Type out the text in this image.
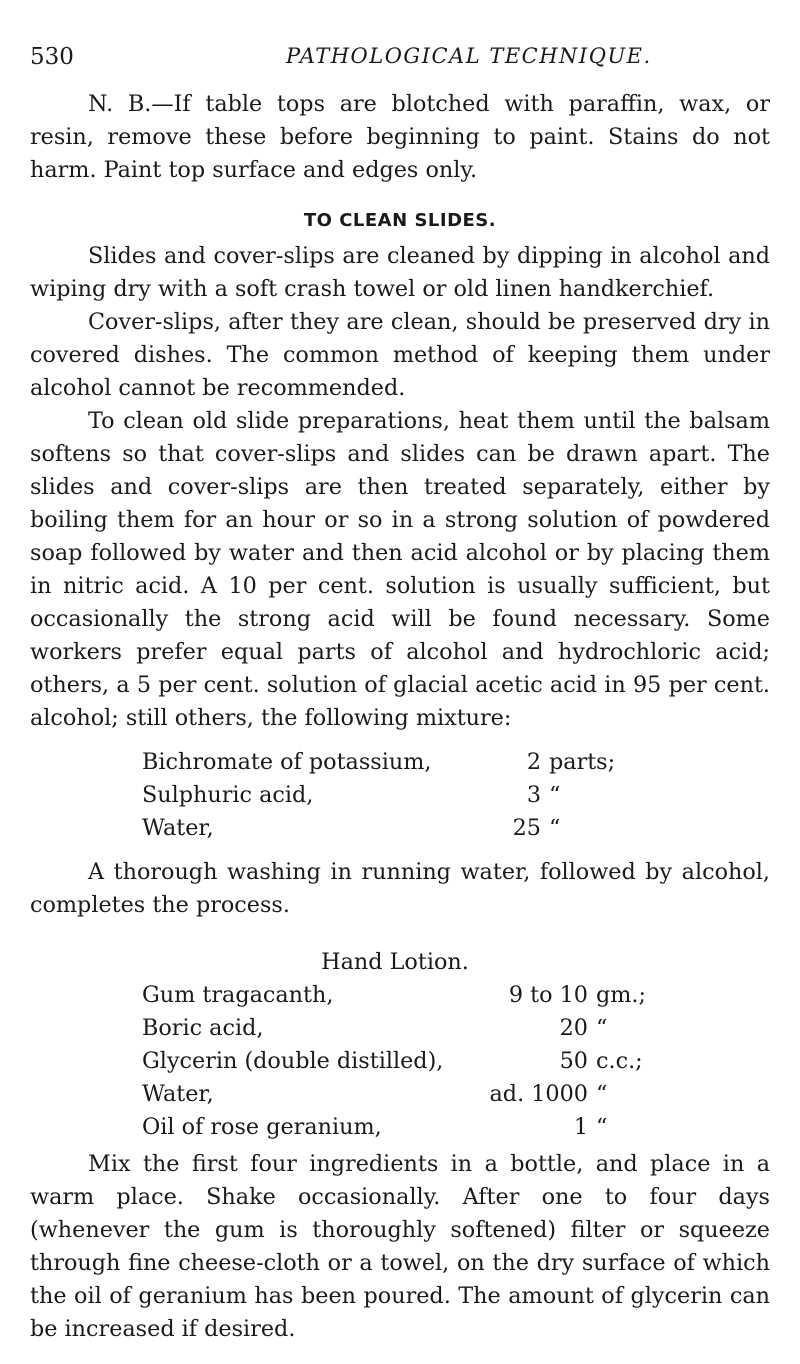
530	PATHOLOGICAL TECHNIQUE.

N. B.—If table tops are blotched with paraffin, wax, or resin, remove these before beginning to paint. Stains do not harm. Paint top surface and edges only.

TO CLEAN SLIDES.

Slides and cover-slips are cleaned by dipping in alcohol and wiping dry with a soft crash towel or old linen handkerchief.

Cover-slips, after they are clean, should be preserved dry in covered dishes. The common method of keeping them under alcohol cannot be recommended.

To clean old slide preparations, heat them until the balsam softens so that cover-slips and slides can be drawn apart. The slides and cover-slips are then treated separately, either by boiling them for an hour or so in a strong solution of powdered soap followed by water and then acid alcohol or by placing them in nitric acid. A 10 per cent. solution is usually sufficient, but occasionally the strong acid will be found necessary. Some workers prefer equal parts of alcohol and hydrochloric acid; others, a 5 per cent. solution of glacial acetic acid in 95 per cent. alcohol; still others, the following mixture:

Bichromate of potassium,	2 parts;
Sulphuric acid,	3 “
Water,	25 “

A thorough washing in running water, followed by alcohol, completes the process.

Hand Lotion.
Gum tragacanth,	9 to 10 gm.;
Boric acid,	20 “
Glycerin (double distilled),	50 c.c.;
Water,	ad. 1000 “
Oil of rose geranium,	1 “

Mix the first four ingredients in a bottle, and place in a warm place. Shake occasionally. After one to four days (whenever the gum is thoroughly softened) filter or squeeze through fine cheese-cloth or a towel, on the dry surface of which the oil of geranium has been poured. The amount of glycerin can be increased if desired.
